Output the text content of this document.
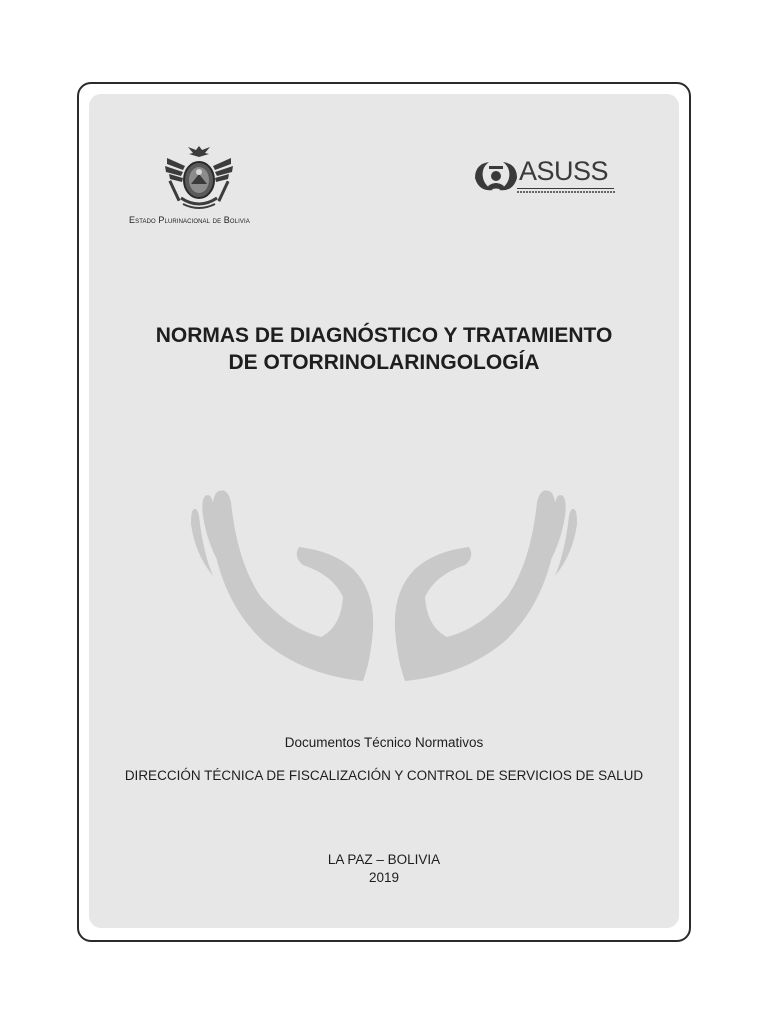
Estado Plurinacional de Bolivia
ASUSS
NORMAS DE DIAGNÓSTICO Y TRATAMIENTO
DE OTORRINOLARINGOLOGÍA
Documentos Técnico Normativos
DIRECCIÓN TÉCNICA DE FISCALIZACIÓN Y CONTROL DE SERVICIOS DE SALUD
LA PAZ – BOLIVIA
2019
